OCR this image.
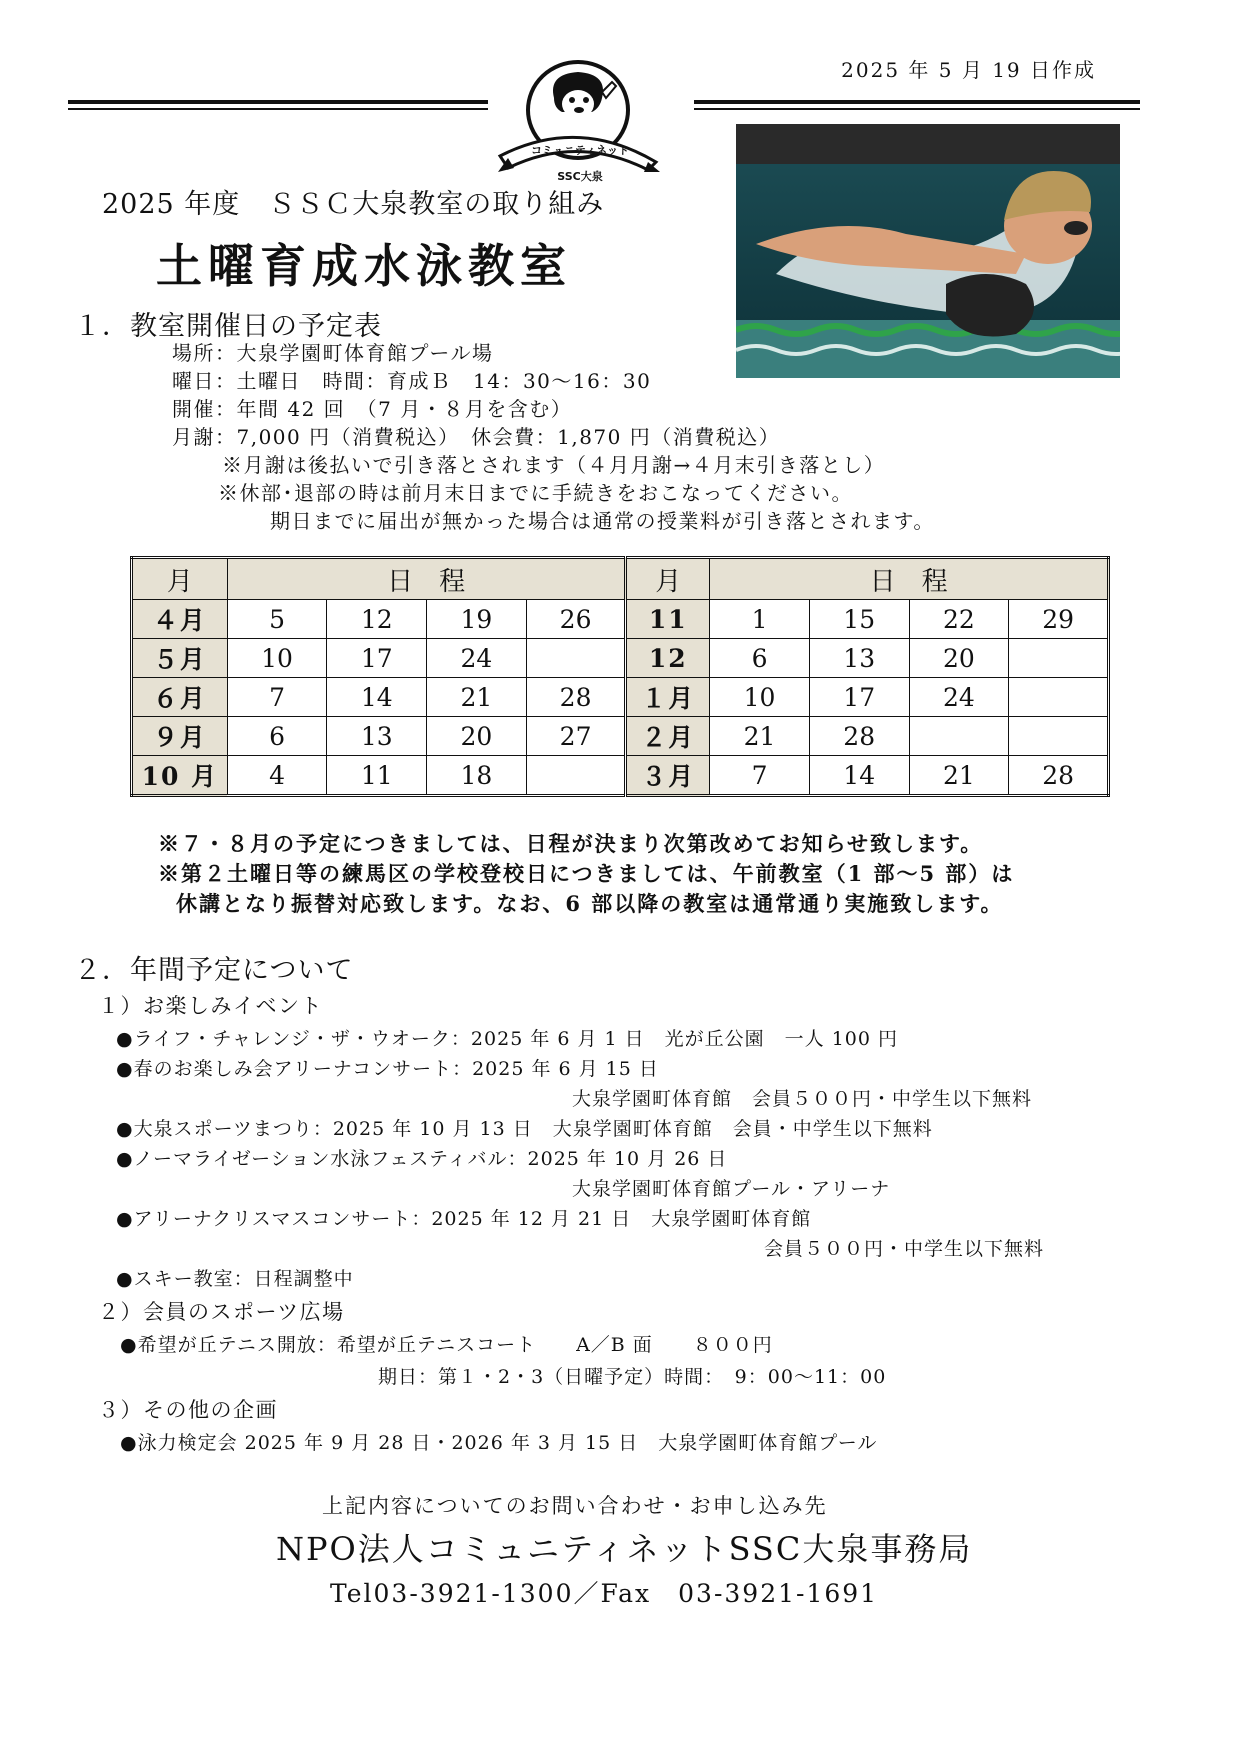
2025 年 5 月 19 日作成
コミュニティネット
SSC大泉
2025 年度　ＳＳＣ大泉教室の取り組み
土曜育成水泳教室
１．教室開催日の予定表
場所：大泉学園町体育館プール場
曜日：土曜日　時間：育成Ｂ　14：30～16：30
開催：年間 42 回　（7 月・８月を含む）
月謝：7,000 円（消費税込）　休会費：1,870 円（消費税込）
※月謝は後払いで引き落とされます（４月月謝→４月末引き落とし）
※休部･退部の時は前月末日までに手続きをおこなってください。
期日までに届出が無かった場合は通常の授業料が引き落とされます。
月	日　程				月	日　程			
４月	5	12	19	26	11	1	15	22	29
５月	10	17	24		12	6	13	20	
６月	7	14	21	28	１月	10	17	24	
９月	6	13	20	27	２月	21	28		
10 月	4	11	18		３月	7	14	21	28
※７・８月の予定につきましては、日程が決まり次第改めてお知らせ致します。
※第２土曜日等の練馬区の学校登校日につきましては、午前教室（1 部～5 部）は
休講となり振替対応致します。なお、6 部以降の教室は通常通り実施致します。
２．年間予定について
１）お楽しみイベント
● ライフ・チャレンジ・ザ・ウオーク：2025 年 6 月 1 日　光が丘公園　一人 100 円
● 春のお楽しみ会アリーナコンサート：2025 年 6 月 15 日
大泉学園町体育館　会員５００円・中学生以下無料
● 大泉スポーツまつり：2025 年 10 月 13 日　大泉学園町体育館　会員・中学生以下無料
● ノーマライゼーション水泳フェスティバル：2025 年 10 月 26 日
大泉学園町体育館プール・アリーナ
● アリーナクリスマスコンサート：2025 年 12 月 21 日　大泉学園町体育館
会員５００円・中学生以下無料
● スキー教室：日程調整中
２）会員のスポーツ広場
● 希望が丘テニス開放：希望が丘テニスコート　　A／B 面　　８００円
期日：第１・2・3（日曜予定）時間：　9：00～11：00
３）その他の企画
● 泳力検定会 2025 年 9 月 28 日・2026 年 3 月 15 日　大泉学園町体育館プール
上記内容についてのお問い合わせ・お申し込み先
NPO法人コミュニティネットSSC大泉事務局
Tel03-3921-1300／Fax　03-3921-1691
